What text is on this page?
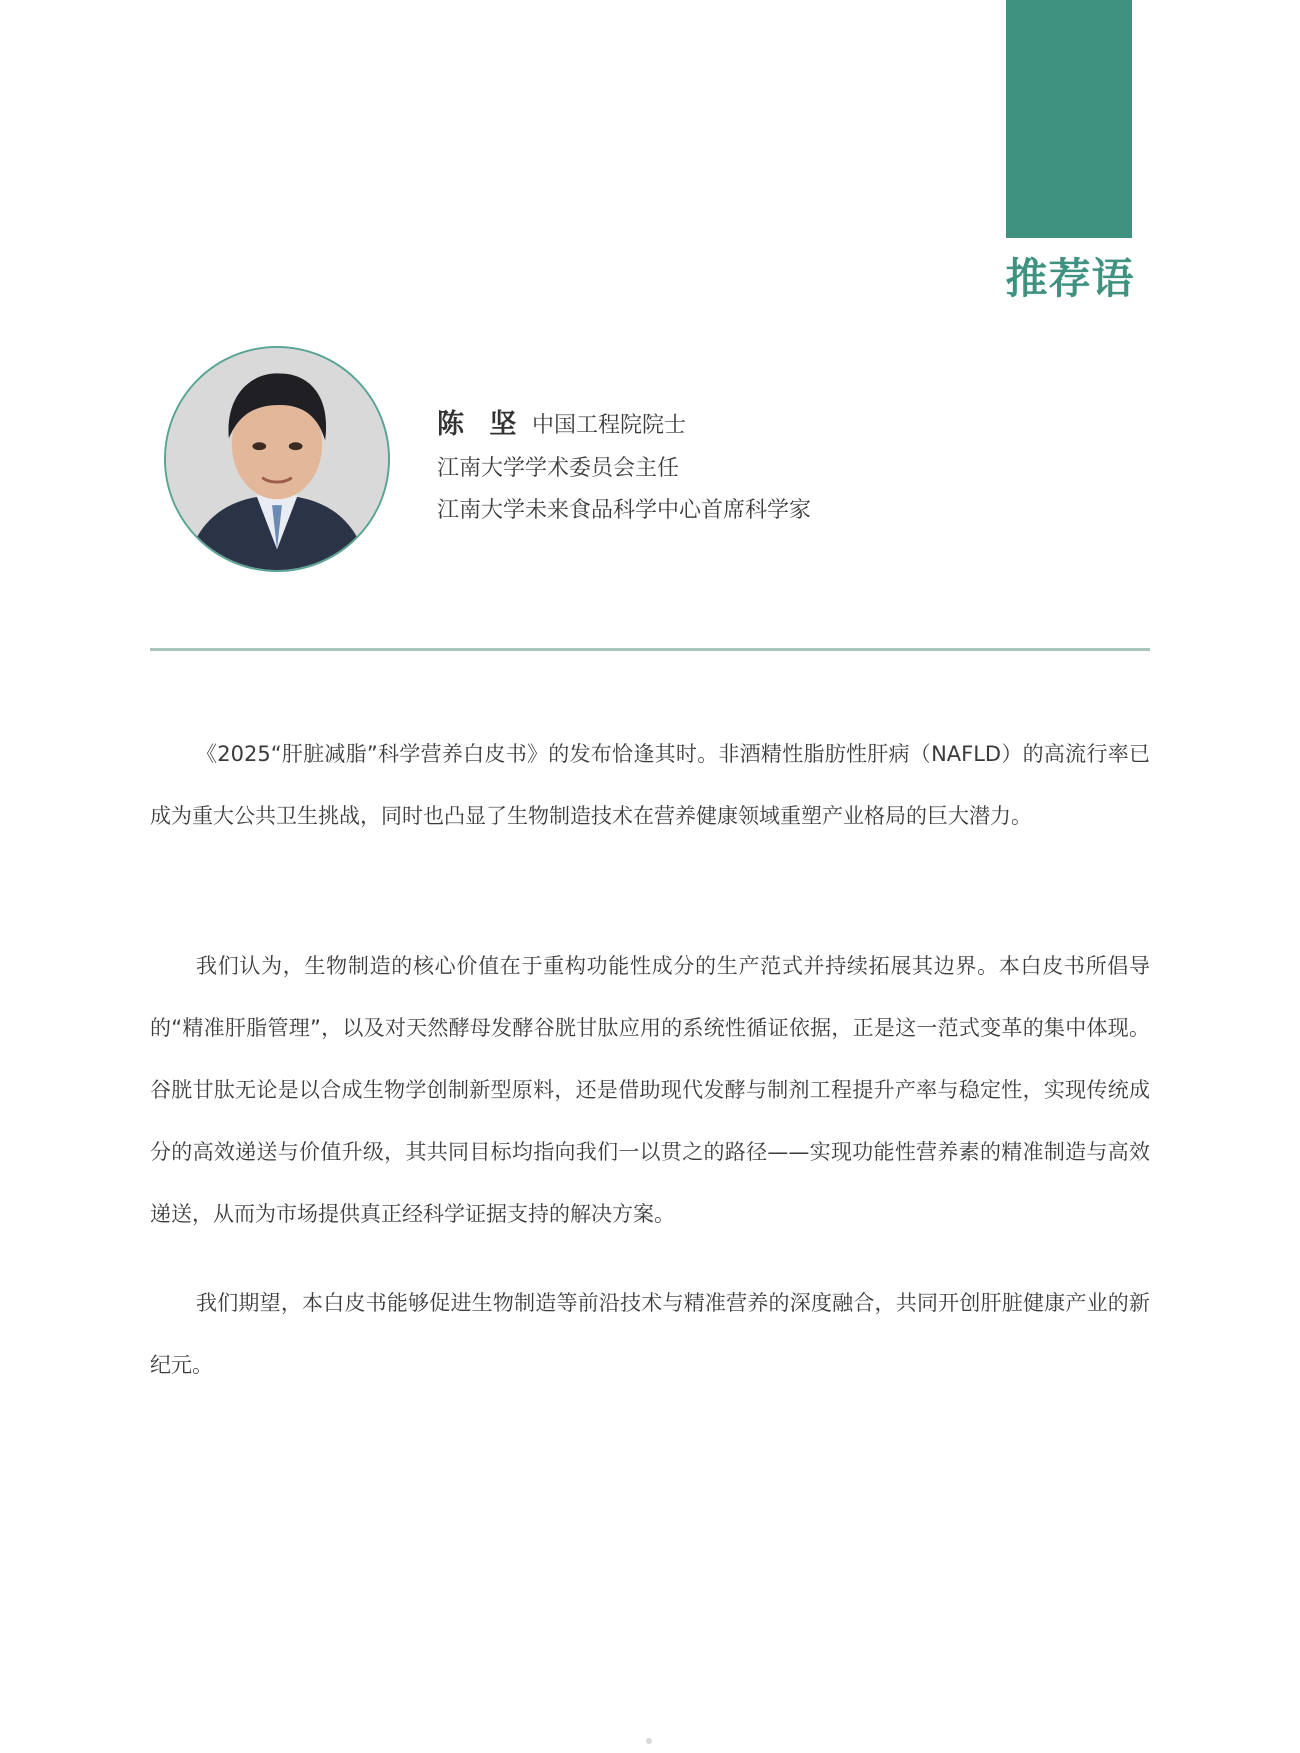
推荐语
陈 坚 中国工程院院士
江南大学学术委员会主任
江南大学未来食品科学中心首席科学家

《2025“肝脏减脂”科学营养白皮书》的发布恰逢其时。非酒精性脂肪性肝病（NAFLD）的高流行率已成为重大公共卫生挑战，同时也凸显了生物制造技术在营养健康领域重塑产业格局的巨大潜力。

我们认为，生物制造的核心价值在于重构功能性成分的生产范式并持续拓展其边界。本白皮书所倡导的“精准肝脂管理”，以及对天然酵母发酵谷胱甘肽应用的系统性循证依据，正是这一范式变革的集中体现。谷胱甘肽无论是以合成生物学创制新型原料，还是借助现代发酵与制剂工程提升产率与稳定性，实现传统成分的高效递送与价值升级，其共同目标均指向我们一以贯之的路径——实现功能性营养素的精准制造与高效递送，从而为市场提供真正经科学证据支持的解决方案。

我们期望，本白皮书能够促进生物制造等前沿技术与精准营养的深度融合，共同开创肝脏健康产业的新纪元。
